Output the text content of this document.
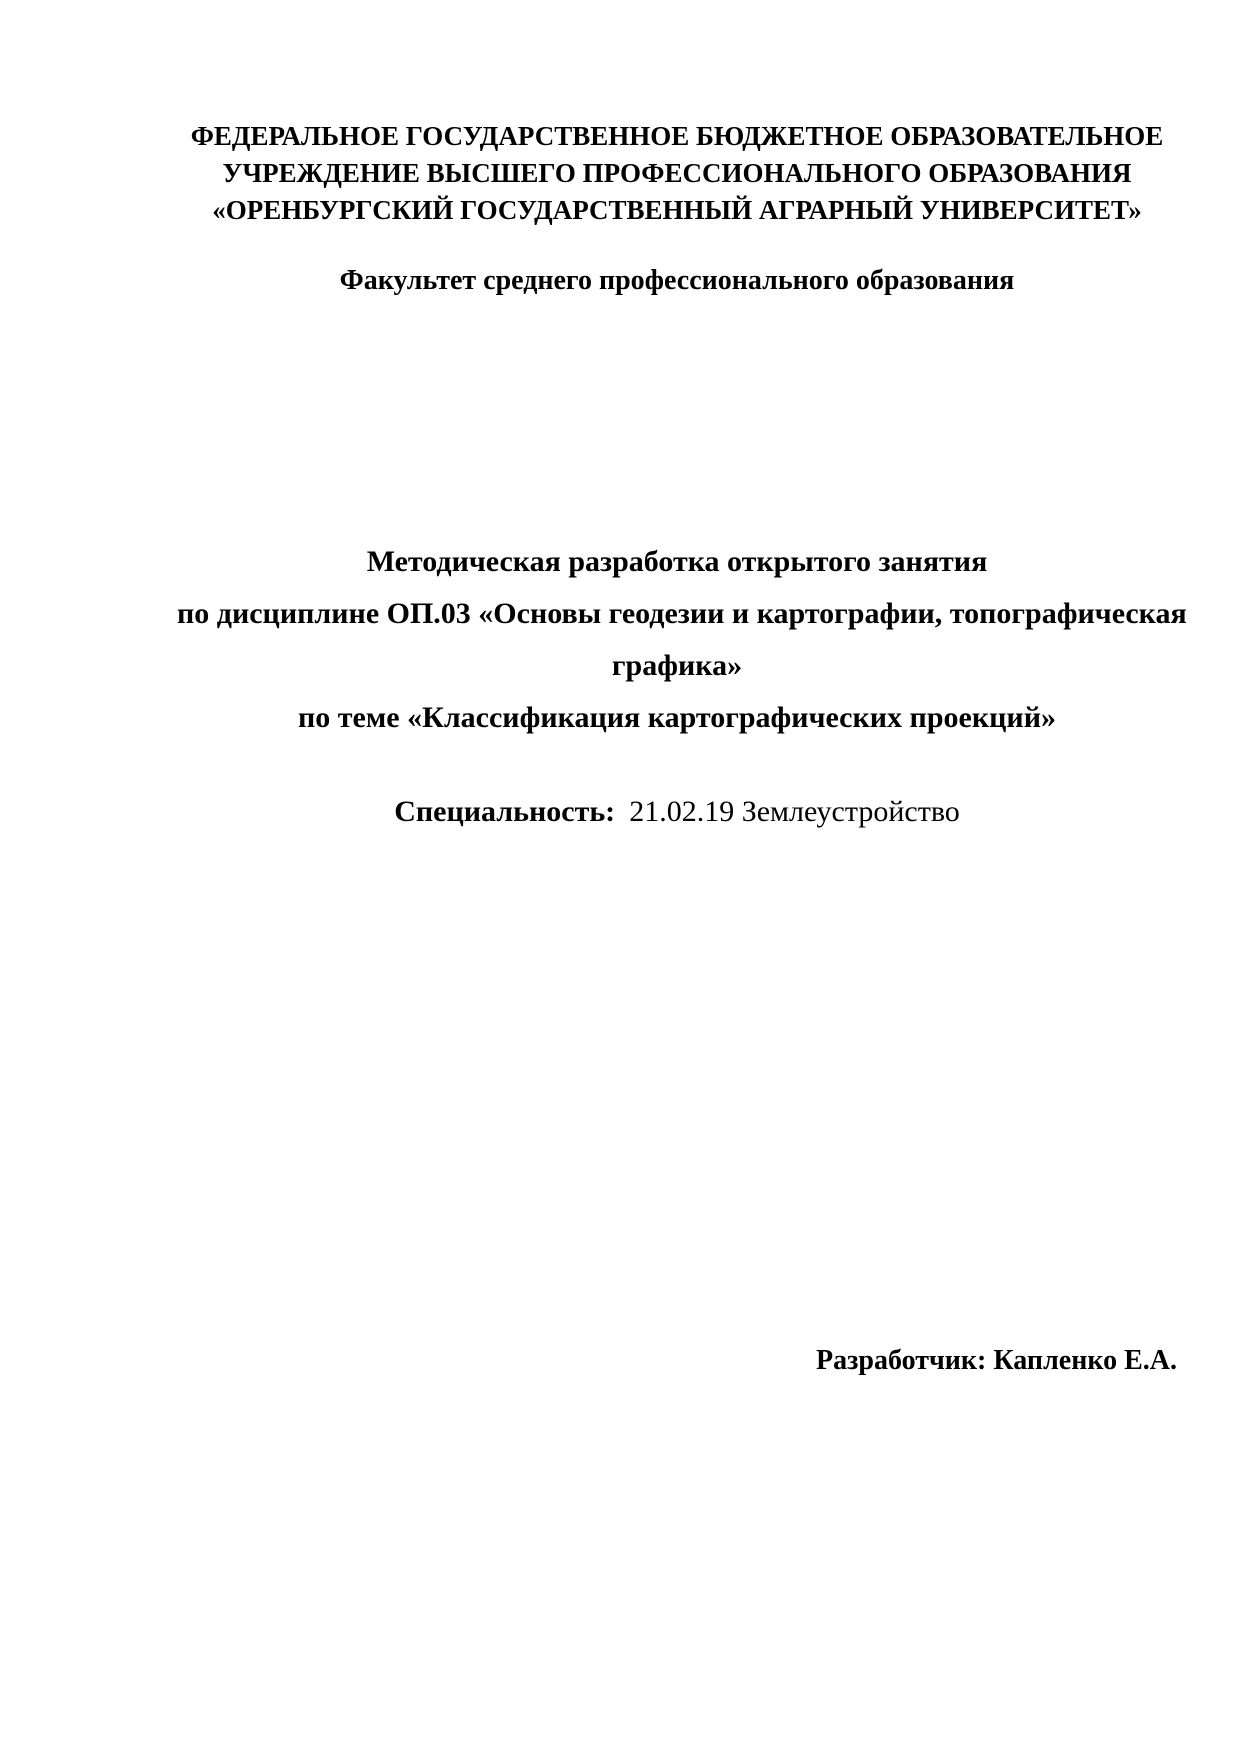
ФЕДЕРАЛЬНОЕ ГОСУДАРСТВЕННОЕ БЮДЖЕТНОЕ ОБРАЗОВАТЕЛЬНОЕ
УЧРЕЖДЕНИЕ ВЫСШЕГО ПРОФЕССИОНАЛЬНОГО ОБРАЗОВАНИЯ
«ОРЕНБУРГСКИЙ ГОСУДАРСТВЕННЫЙ АГРАРНЫЙ УНИВЕРСИТЕТ»
Факультет среднего профессионального образования
Методическая разработка открытого занятия
по дисциплине ОП.03 «Основы геодезии и картографии, топографическая
графика»
по теме «Классификация картографических проекций»
Специальность: 21.02.19 Землеустройство
Разработчик: Капленко Е.А.
